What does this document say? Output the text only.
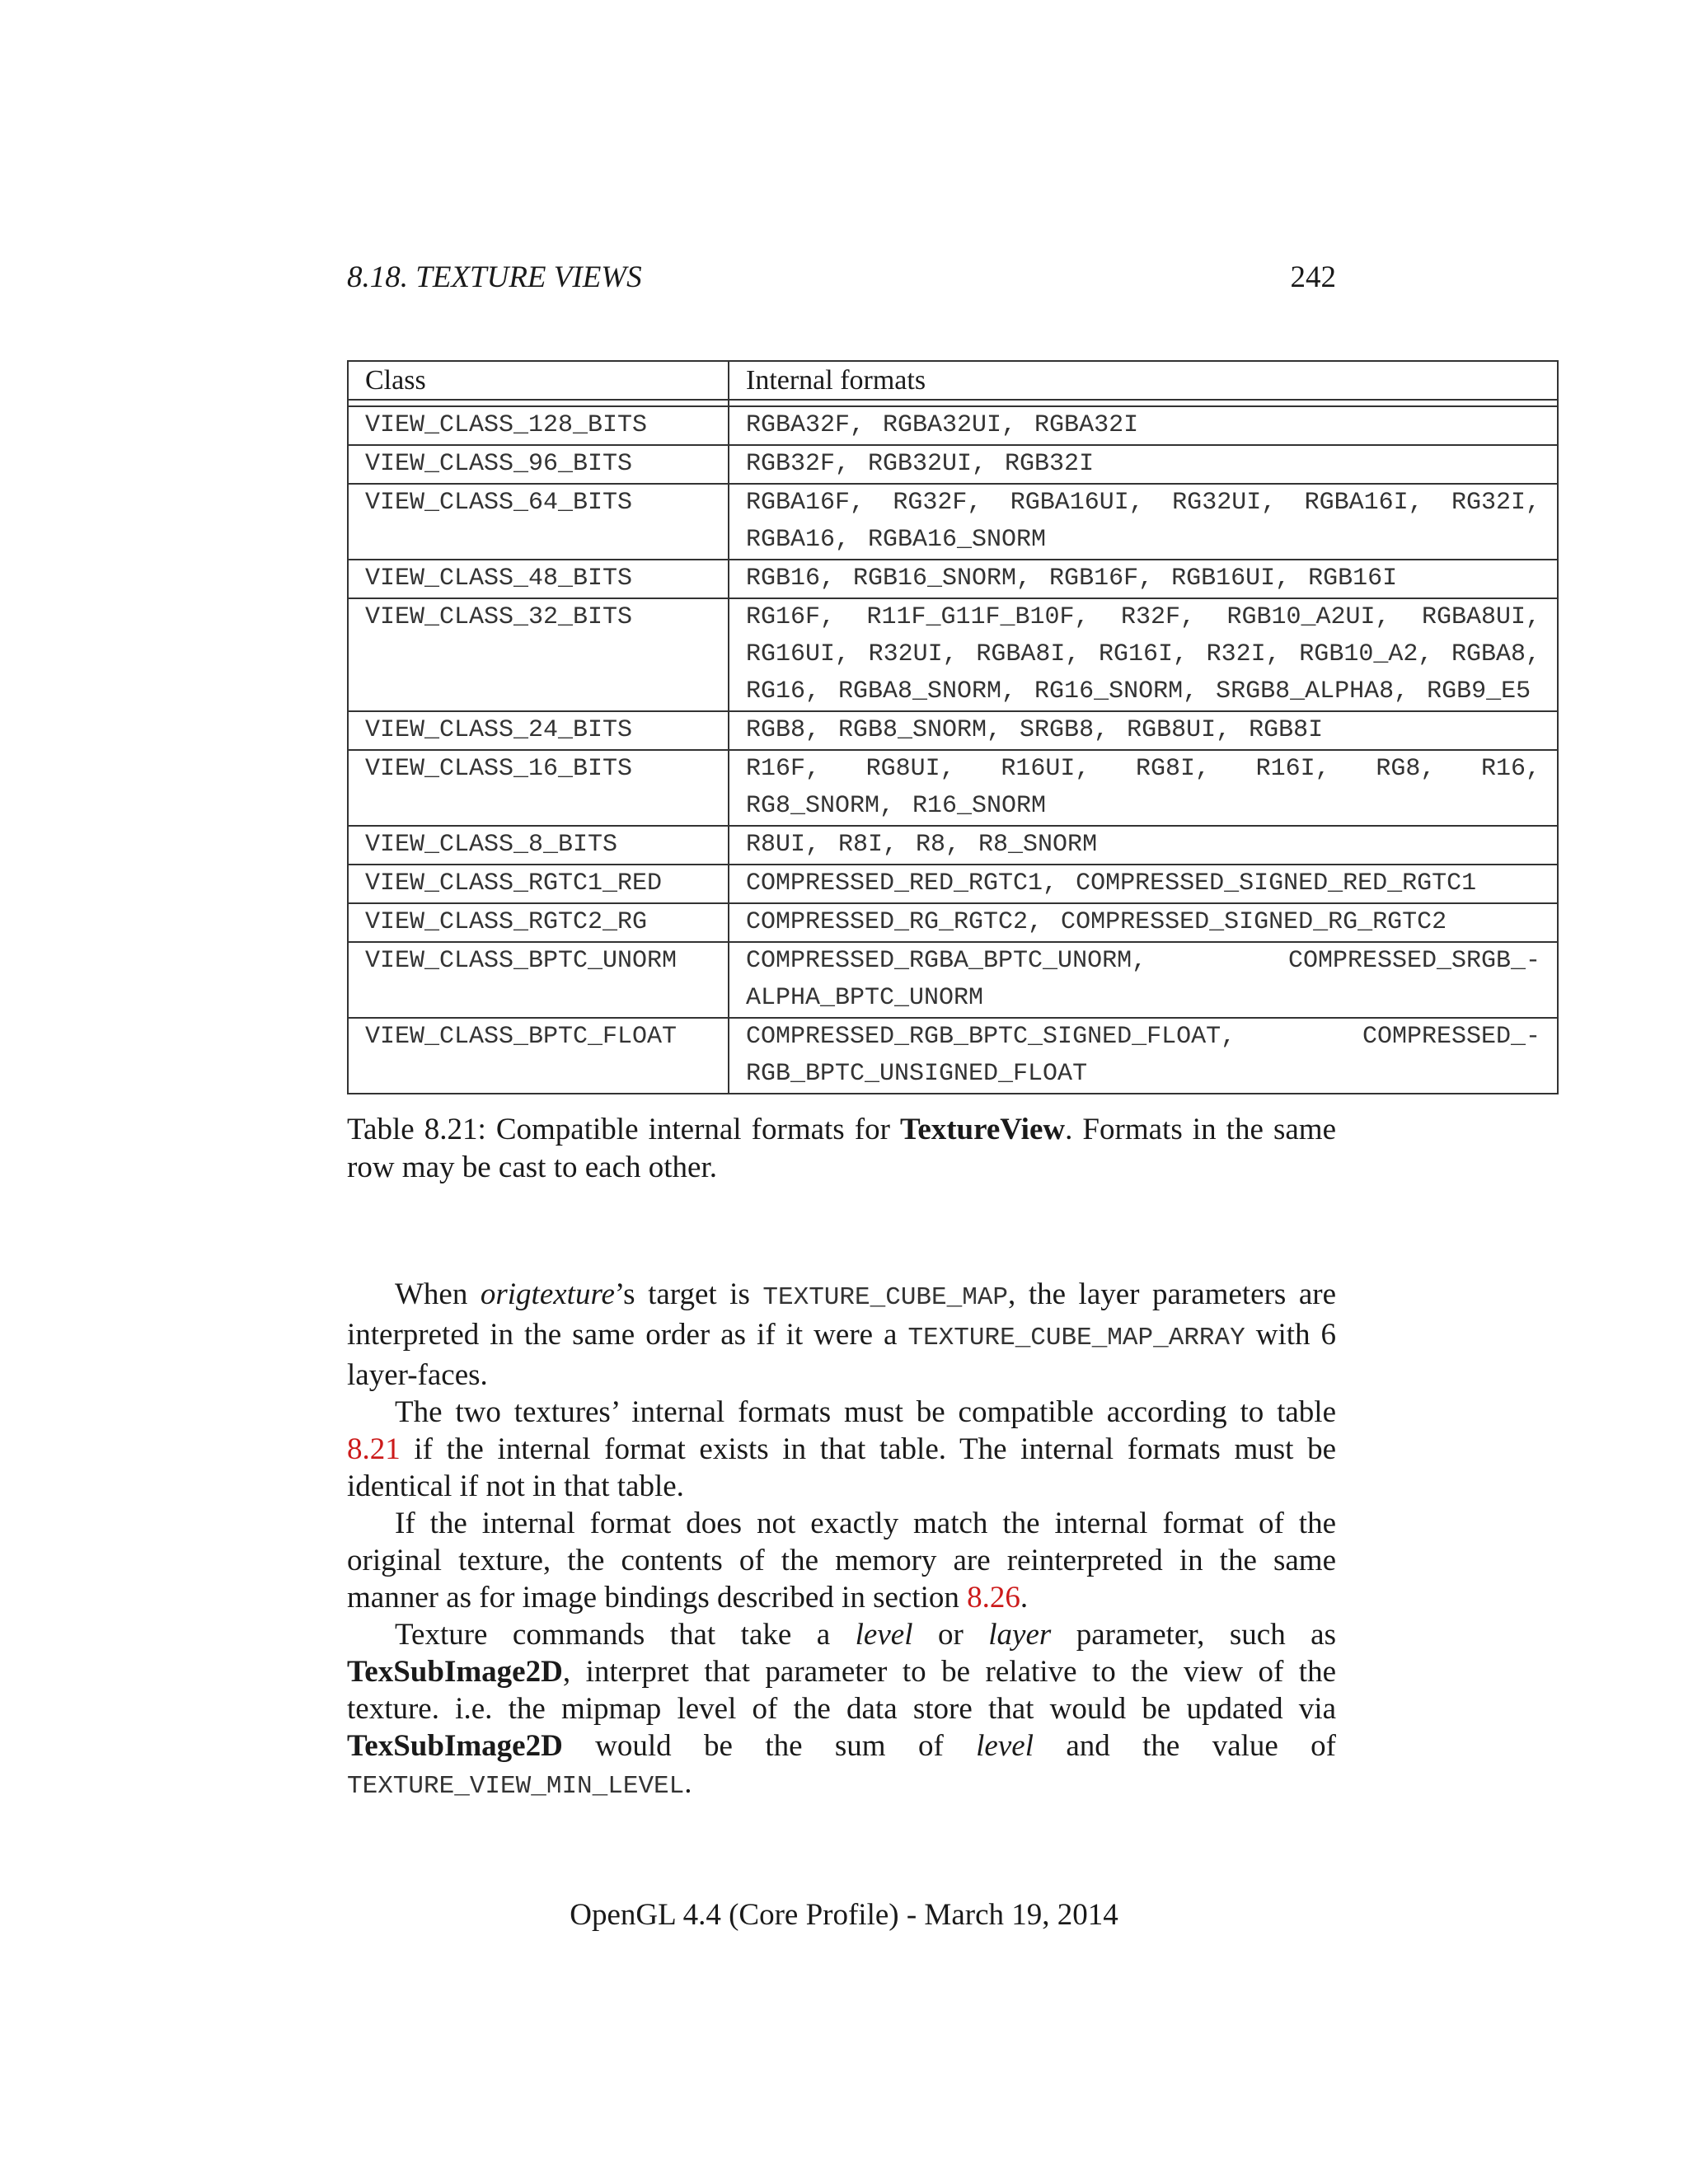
8.18. TEXTURE VIEWS	242
Class	Internal formats

VIEW_CLASS_128_BITS	RGBA32F, RGBA32UI, RGBA32I
VIEW_CLASS_96_BITS	RGB32F, RGB32UI, RGB32I
VIEW_CLASS_64_BITS	RGBA16F, RG32F, RGBA16UI, RG32UI, RGBA16I, RG32I, RGBA16, RGBA16_SNORM
VIEW_CLASS_48_BITS	RGB16, RGB16_SNORM, RGB16F, RGB16UI, RGB16I
VIEW_CLASS_32_BITS	RG16F, R11F_G11F_B10F, R32F, RGB10_A2UI, RGBA8UI, RG16UI, R32UI, RGBA8I, RG16I, R32I, RGB10_A2, RGBA8, RG16, RGBA8_SNORM, RG16_SNORM, SRGB8_ALPHA8, RGB9_E5
VIEW_CLASS_24_BITS	RGB8, RGB8_SNORM, SRGB8, RGB8UI, RGB8I
VIEW_CLASS_16_BITS	R16F, RG8UI, R16UI, RG8I, R16I, RG8, R16, RG8_SNORM, R16_SNORM
VIEW_CLASS_8_BITS	R8UI, R8I, R8, R8_SNORM
VIEW_CLASS_RGTC1_RED	COMPRESSED_RED_RGTC1, COMPRESSED_SIGNED_RED_RGTC1
VIEW_CLASS_RGTC2_RG	COMPRESSED_RG_RGTC2, COMPRESSED_SIGNED_RG_RGTC2
VIEW_CLASS_BPTC_UNORM	COMPRESSED_RGBA_BPTC_UNORM, COMPRESSED_SRGB_-ALPHA_BPTC_UNORM
VIEW_CLASS_BPTC_FLOAT	COMPRESSED_RGB_BPTC_SIGNED_FLOAT, COMPRESSED_-RGB_BPTC_UNSIGNED_FLOAT
Table 8.21: Compatible internal formats for TextureView. Formats in the same row may be cast to each other.

When origtexture’s target is TEXTURE_CUBE_MAP, the layer parameters are interpreted in the same order as if it were a TEXTURE_CUBE_MAP_ARRAY with 6 layer-faces.

The two textures’ internal formats must be compatible according to table 8.21 if the internal format exists in that table. The internal formats must be identical if not in that table.

If the internal format does not exactly match the internal format of the original texture, the contents of the memory are reinterpreted in the same manner as for image bindings described in section 8.26.

Texture commands that take a level or layer parameter, such as TexSubImage2D, interpret that parameter to be relative to the view of the texture. i.e. the mipmap level of the data store that would be updated via TexSubImage2D would be the sum of level and the value of TEXTURE_VIEW_MIN_LEVEL.

OpenGL 4.4 (Core Profile) - March 19, 2014
